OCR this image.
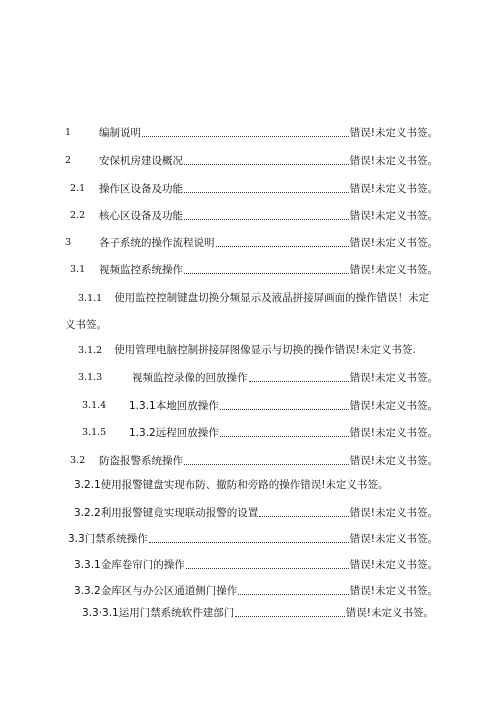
1	编制说明	错误!未定义书签。
2	安保机房建设概况	错误!未定义书签。
2.1	操作区设备及功能	错误!未定义书签。
2.2	核心区设备及功能	错误!未定义书签。
3	各子系统的操作流程说明	错误!未定义书签。
3.1	视频监控系统操作	错误!未定义书签。
3.1.1 使用监控控制键盘切换分频显示及液晶拼接屏画面的操作错误！未定
义书签。
3.1.2 使用管理电脑控制拼接屏图像显示与切换的操作错误!未定义书签.
3.1.3	视频监控录像的回放操作	错误!未定义书签。
3.1.4	1.3.1本地回放操作	错误!未定义书签。
3.1.5	1.3.2远程回放操作	错误!未定义书签。
3.2	防盗报警系统操作	错误!未定义书签。
3.2.1使用报警键盘实现布防、撤防和旁路的操作错误!未定义书签。
3.2.2利用报警键竟实现联动报警的设置	错误!未定义书签。
3.3门禁系统操作	错误!未定义书签。
3.3.1金库卷帘门的操作	错误!未定义书签。
3.3.2金库区与办公区通道侧门操作	错误!未定义书签。
3.3·3.1运用门禁系统软件建部门	错误!未定义书签。
